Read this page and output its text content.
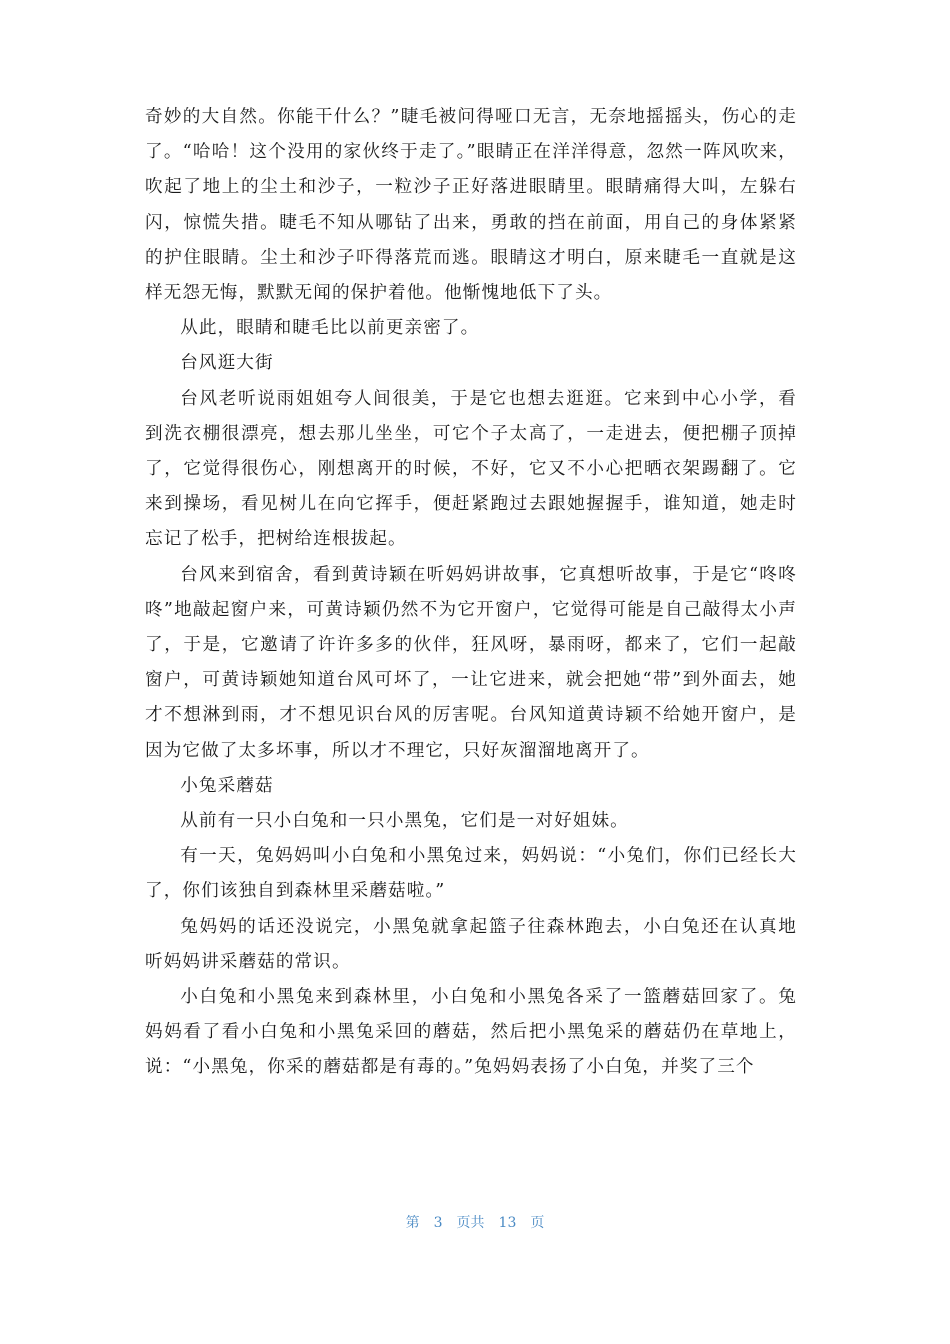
奇妙的大自然。你能干什么？”睫毛被问得哑口无言，无奈地摇摇头，伤心的走了。“哈哈！这个没用的家伙终于走了。”眼睛正在洋洋得意，忽然一阵风吹来，吹起了地上的尘土和沙子，一粒沙子正好落进眼睛里。眼睛痛得大叫，左躲右闪，惊慌失措。睫毛不知从哪钻了出来，勇敢的挡在前面，用自己的身体紧紧的护住眼睛。尘土和沙子吓得落荒而逃。眼睛这才明白，原来睫毛一直就是这样无怨无悔，默默无闻的保护着他。他惭愧地低下了头。

从此，眼睛和睫毛比以前更亲密了。

台风逛大街

台风老听说雨姐姐夸人间很美，于是它也想去逛逛。它来到中心小学，看到洗衣棚很漂亮，想去那儿坐坐，可它个子太高了，一走进去，便把棚子顶掉了，它觉得很伤心，刚想离开的时候，不好，它又不小心把晒衣架踢翻了。它来到操场，看见树儿在向它挥手，便赶紧跑过去跟她握握手，谁知道，她走时忘记了松手，把树给连根拔起。

台风来到宿舍，看到黄诗颖在听妈妈讲故事，它真想听故事，于是它“咚咚咚”地敲起窗户来，可黄诗颖仍然不为它开窗户，它觉得可能是自己敲得太小声了，于是，它邀请了许许多多的伙伴，狂风呀，暴雨呀，都来了，它们一起敲窗户，可黄诗颖她知道台风可坏了，一让它进来，就会把她“带”到外面去，她才不想淋到雨，才不想见识台风的厉害呢。台风知道黄诗颖不给她开窗户，是因为它做了太多坏事，所以才不理它，只好灰溜溜地离开了。

小兔采蘑菇

从前有一只小白兔和一只小黑兔，它们是一对好姐妹。

有一天，兔妈妈叫小白兔和小黑兔过来，妈妈说：“小兔们，你们已经长大了，你们该独自到森林里采蘑菇啦。”

兔妈妈的话还没说完，小黑兔就拿起篮子往森林跑去，小白兔还在认真地听妈妈讲采蘑菇的常识。

小白兔和小黑兔来到森林里，小白兔和小黑兔各采了一篮蘑菇回家了。兔妈妈看了看小白兔和小黑兔采回的蘑菇，然后把小黑兔采的蘑菇仍在草地上，说：“小黑兔，你采的蘑菇都是有毒的。”兔妈妈表扬了小白兔，并奖了三个

第 3 页共 13 页
